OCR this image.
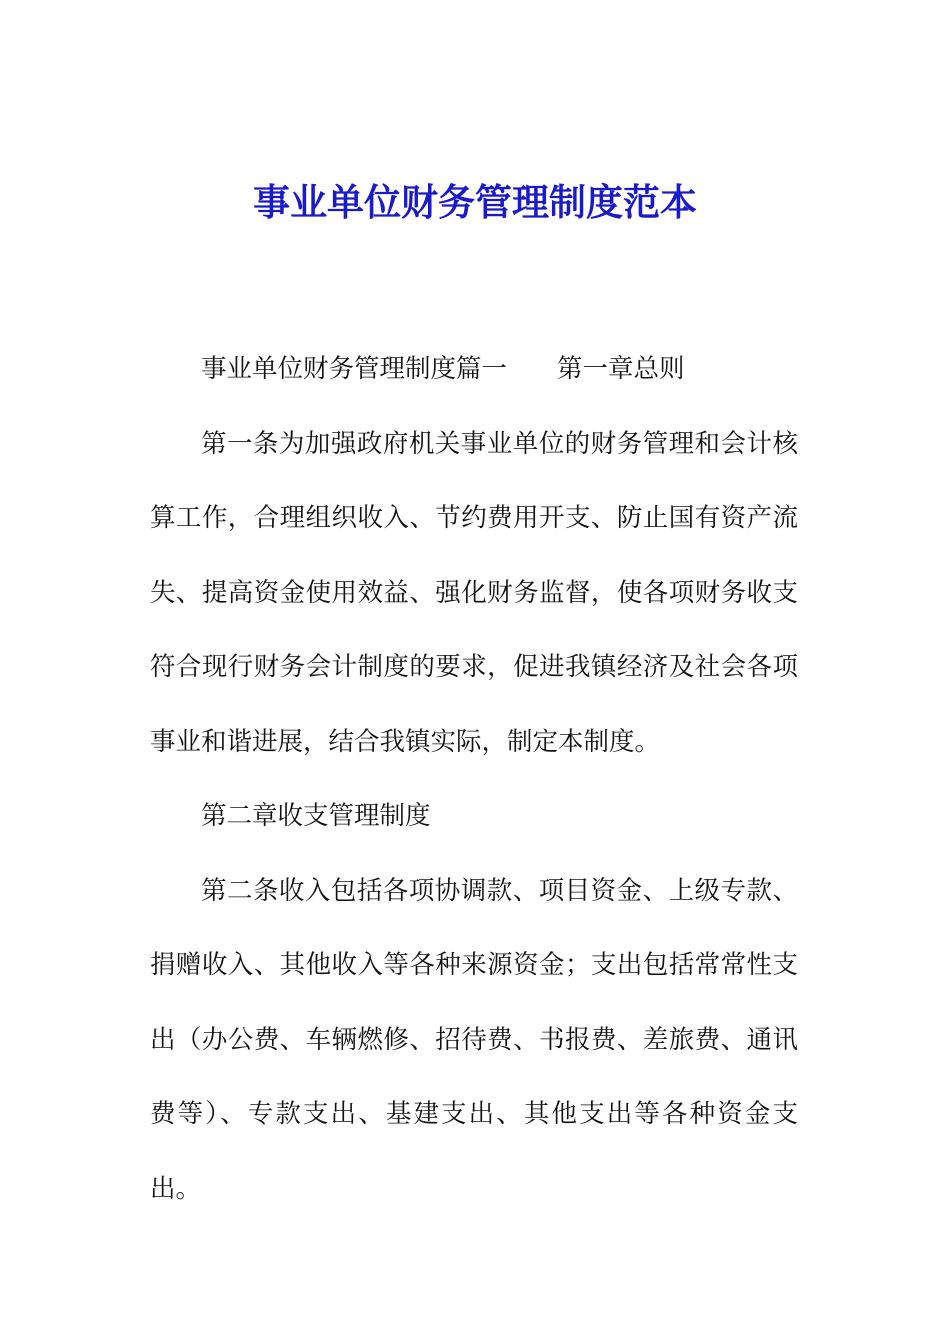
事业单位财务管理制度范本

事业单位财务管理制度篇一 第一章总则

第一条为加强政府机关事业单位的财务管理和会计核算工作，合理组织收入、节约费用开支、防止国有资产流失、提高资金使用效益、强化财务监督，使各项财务收支符合现行财务会计制度的要求，促进我镇经济及社会各项事业和谐进展，结合我镇实际，制定本制度。

第二章收支管理制度

第二条收入包括各项协调款、项目资金、上级专款、捐赠收入、其他收入等各种来源资金；支出包括常常性支出（办公费、车辆燃修、招待费、书报费、差旅费、通讯费等）、专款支出、基建支出、其他支出等各种资金支出。
